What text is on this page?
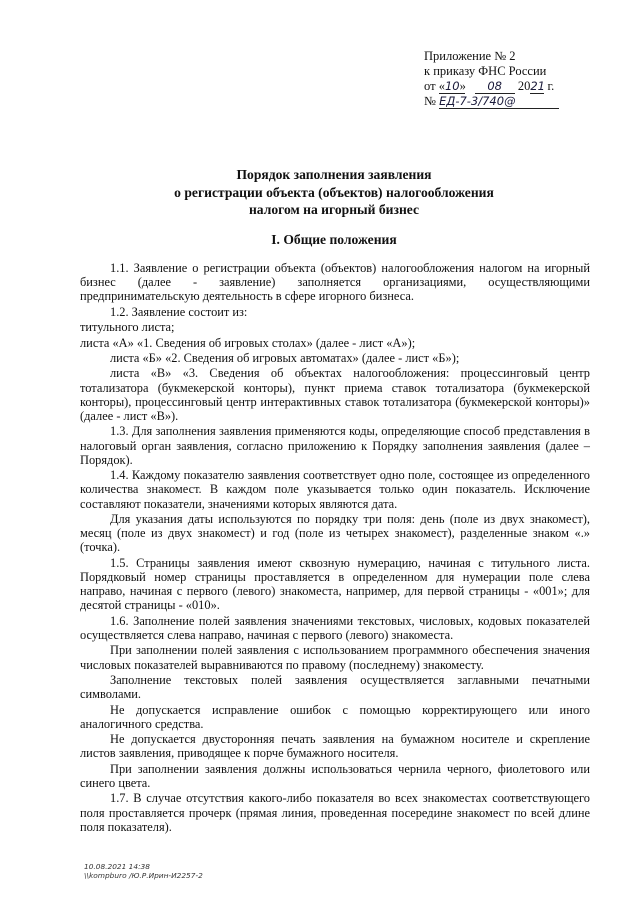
Приложение № 2
к приказу ФНС России
от «10» 08 2021 г.
№ ЕД-7-3/740@
Порядок заполнения заявления
о регистрации объекта (объектов) налогообложения
налогом на игорный бизнес
I. Общие положения

1.1. Заявление о регистрации объекта (объектов) налогообложения налогом на игорный бизнес (далее - заявление) заполняется организациями, осуществляющими предпринимательскую деятельность в сфере игорного бизнеса.

1.2. Заявление состоит из:

титульного листа;

листа «А» «1. Сведения об игровых столах» (далее - лист «А»);

листа «Б» «2. Сведения об игровых автоматах» (далее - лист «Б»);

листа «В» «3. Сведения об объектах налогообложения: процессинговый центр тотализатора (букмекерской конторы), пункт приема ставок тотализатора (букмекерской конторы), процессинговый центр интерактивных ставок тотализатора (букмекерской конторы)» (далее - лист «В»).

1.3. Для заполнения заявления применяются коды, определяющие способ представления в налоговый орган заявления, согласно приложению к Порядку заполнения заявления (далее – Порядок).

1.4. Каждому показателю заявления соответствует одно поле, состоящее из определенного количества знакомест. В каждом поле указывается только один показатель. Исключение составляют показатели, значениями которых являются дата.

Для указания даты используются по порядку три поля: день (поле из двух знакомест), месяц (поле из двух знакомест) и год (поле из четырех знакомест), разделенные знаком «.» (точка).

1.5. Страницы заявления имеют сквозную нумерацию, начиная с титульного листа. Порядковый номер страницы проставляется в определенном для нумерации поле слева направо, начиная с первого (левого) знакоместа, например, для первой страницы - «001»; для десятой страницы - «010».

1.6. Заполнение полей заявления значениями текстовых, числовых, кодовых показателей осуществляется слева направо, начиная с первого (левого) знакоместа.

При заполнении полей заявления с использованием программного обеспечения значения числовых показателей выравниваются по правому (последнему) знакоместу.

Заполнение текстовых полей заявления осуществляется заглавными печатными символами.

Не допускается исправление ошибок с помощью корректирующего или иного аналогичного средства.

Не допускается двусторонняя печать заявления на бумажном носителе и скрепление листов заявления, приводящее к порче бумажного носителя.

При заполнении заявления должны использоваться чернила черного, фиолетового или синего цвета.

1.7. В случае отсутствия какого-либо показателя во всех знакоместах соответствующего поля проставляется прочерк (прямая линия, проведенная посередине знакомест по всей длине поля показателя).

10.08.2021 14:38
\\kompburo /Ю.Р.Ирин-И2257-2
